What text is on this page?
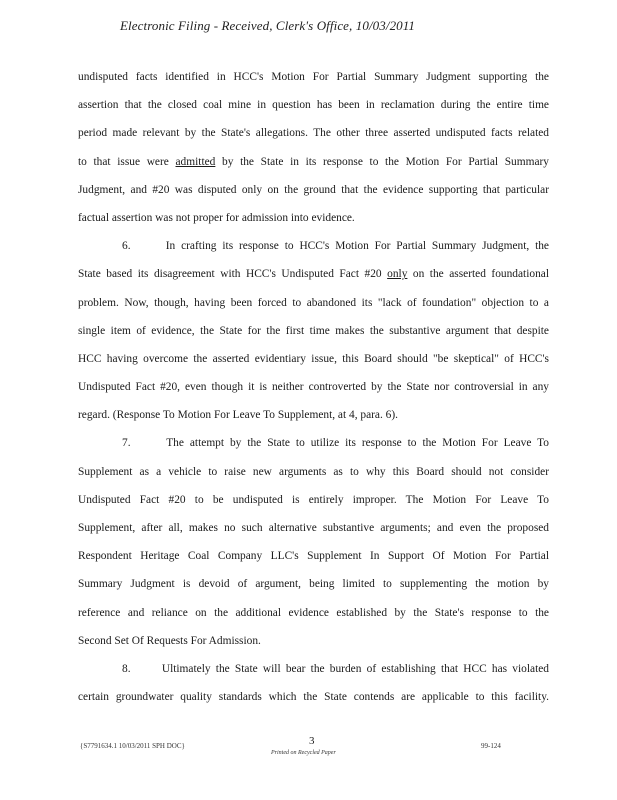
Electronic Filing - Received, Clerk's Office, 10/03/2011
undisputed facts identified in HCC's Motion For Partial Summary Judgment supporting the
assertion that the closed coal mine in question has been in reclamation during the entire time
period made relevant by the State's allegations. The other three asserted undisputed facts related
to that issue were admitted by the State in its response to the Motion For Partial Summary
Judgment, and #20 was disputed only on the ground that the evidence supporting that particular
factual assertion was not proper for admission into evidence.
6.      In crafting its response to HCC's Motion For Partial Summary Judgment, the
State based its disagreement with HCC's Undisputed Fact #20 only on the asserted foundational
problem. Now, though, having been forced to abandoned its "lack of foundation" objection to a
single item of evidence, the State for the first time makes the substantive argument that despite
HCC having overcome the asserted evidentiary issue, this Board should "be skeptical" of HCC's
Undisputed Fact #20, even though it is neither controverted by the State nor controversial in any
regard. (Response To Motion For Leave To Supplement, at 4, para. 6).
7.      The attempt by the State to utilize its response to the Motion For Leave To
Supplement as a vehicle to raise new arguments as to why this Board should not consider
Undisputed Fact #20 to be undisputed is entirely improper. The Motion For Leave To
Supplement, after all, makes no such alternative substantive arguments; and even the proposed
Respondent Heritage Coal Company LLC's Supplement In Support Of Motion For Partial
Summary Judgment is devoid of argument, being limited to supplementing the motion by
reference and reliance on the additional evidence established by the State's response to the
Second Set Of Requests For Admission.
8.      Ultimately the State will bear the burden of establishing that HCC has violated
certain groundwater quality standards which the State contends are applicable to this facility.
{S7791634.1 10/03/2011 SPH DOC}	3
Printed on Recycled Paper
99-124
